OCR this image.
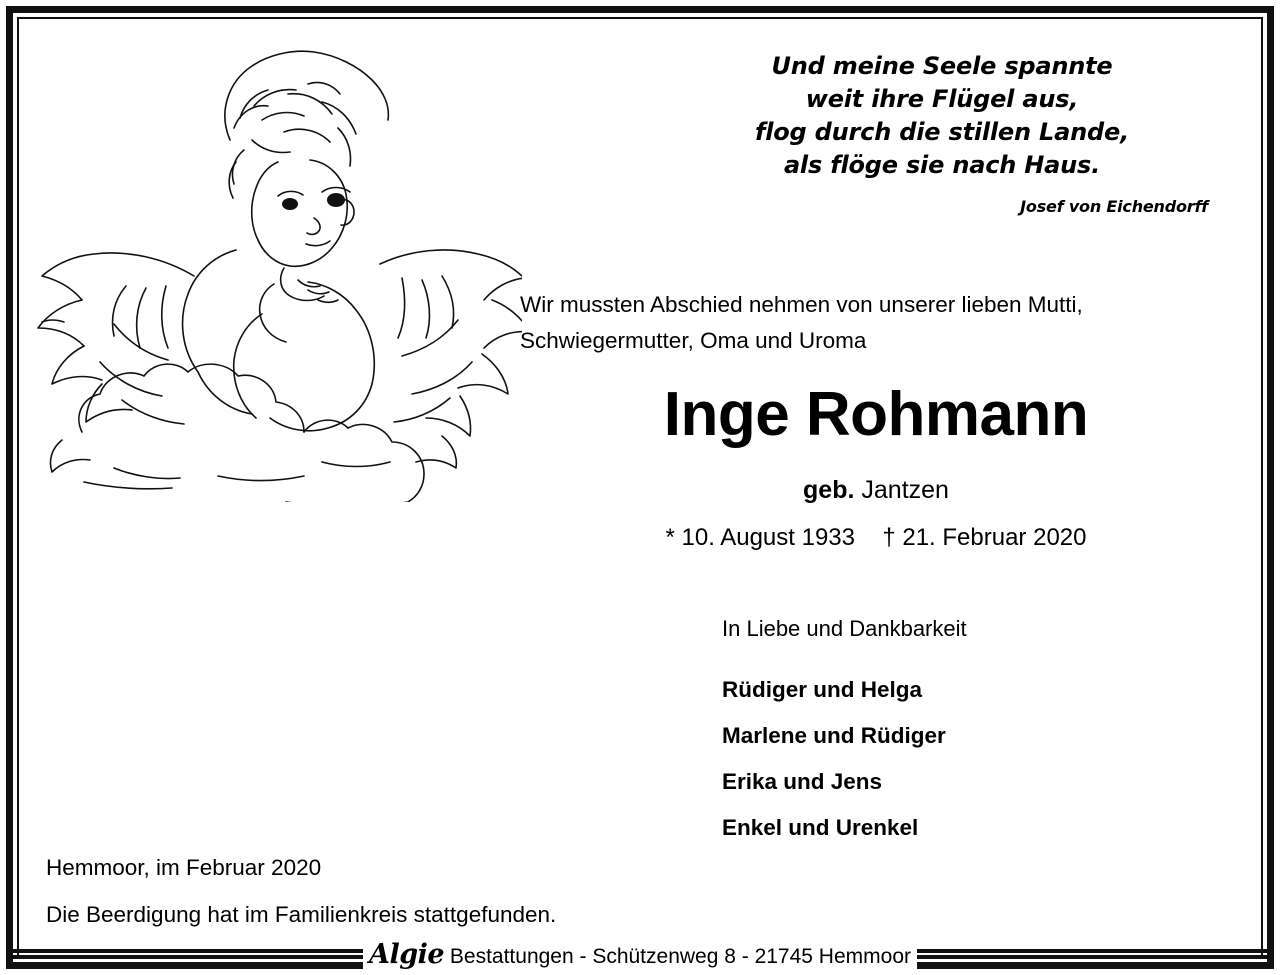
Und meine Seele spannte
weit ihre Flügel aus,
flog durch die stillen Lande,
als flöge sie nach Haus.
Josef von Eichendorff
Wir mussten Abschied nehmen von unserer lieben Mutti,
Schwiegermutter, Oma und Uroma
Inge Rohmann
geb. Jantzen
* 10. August 1933 † 21. Februar 2020
In Liebe und Dankbarkeit
Rüdiger und Helga
Marlene und Rüdiger
Erika und Jens
Enkel und Urenkel
Hemmoor, im Februar 2020
Die Beerdigung hat im Familienkreis stattgefunden.
Algie Bestattungen - Schützenweg 8 - 21745 Hemmoor
